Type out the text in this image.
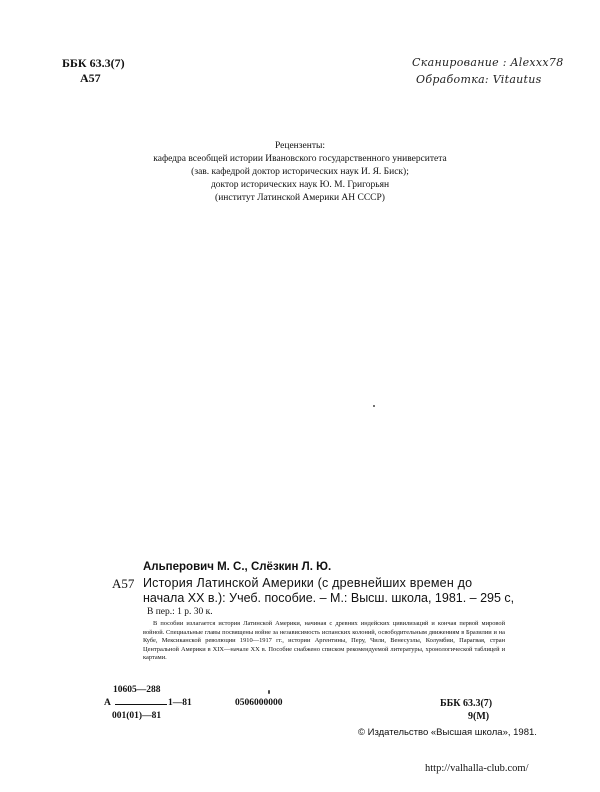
ББК 63.3(7)
А57
Сканирование : Alexxx78
Обработка: Vitautus
Рецензенты:
кафедра всеобщей истории Ивановского государственного университета
(зав. кафедрой доктор исторических наук И. Я. Биск);
доктор исторических наук Ю. М. Григорьян
(институт Латинской Америки АН СССР)
Альперович М. С., Слёзкин Л. Ю.
А57 История Латинской Америки (с древнейших времен до
начала XX в.): Учеб. пособие. – М.: Высш. школа, 1981. – 295 с,
В пер.: 1 р. 30 к.
В пособии излагается история Латинской Америки, начиная с древних индейских цивилизаций и кончая первой мировой войной. Специальные главы посвящены войне за независимость испанских колоний, освободительным движениям в Бразилии и на Кубе, Мексиканской революции 1910—1917 гг., истории Аргентины, Перу, Чили, Венесуэлы, Колумбии, Парагвая, стран Центральной Америки в XIX—начале XX в. Пособие снабжено списком рекомендуемой литературы, хронологической таблицей и картами.
10605—288
А	1—81
001(01)—81
0506000000	ББК 63.3(7)
9(М)
© Издательство «Высшая школа», 1981.
http://valhalla-club.com/
